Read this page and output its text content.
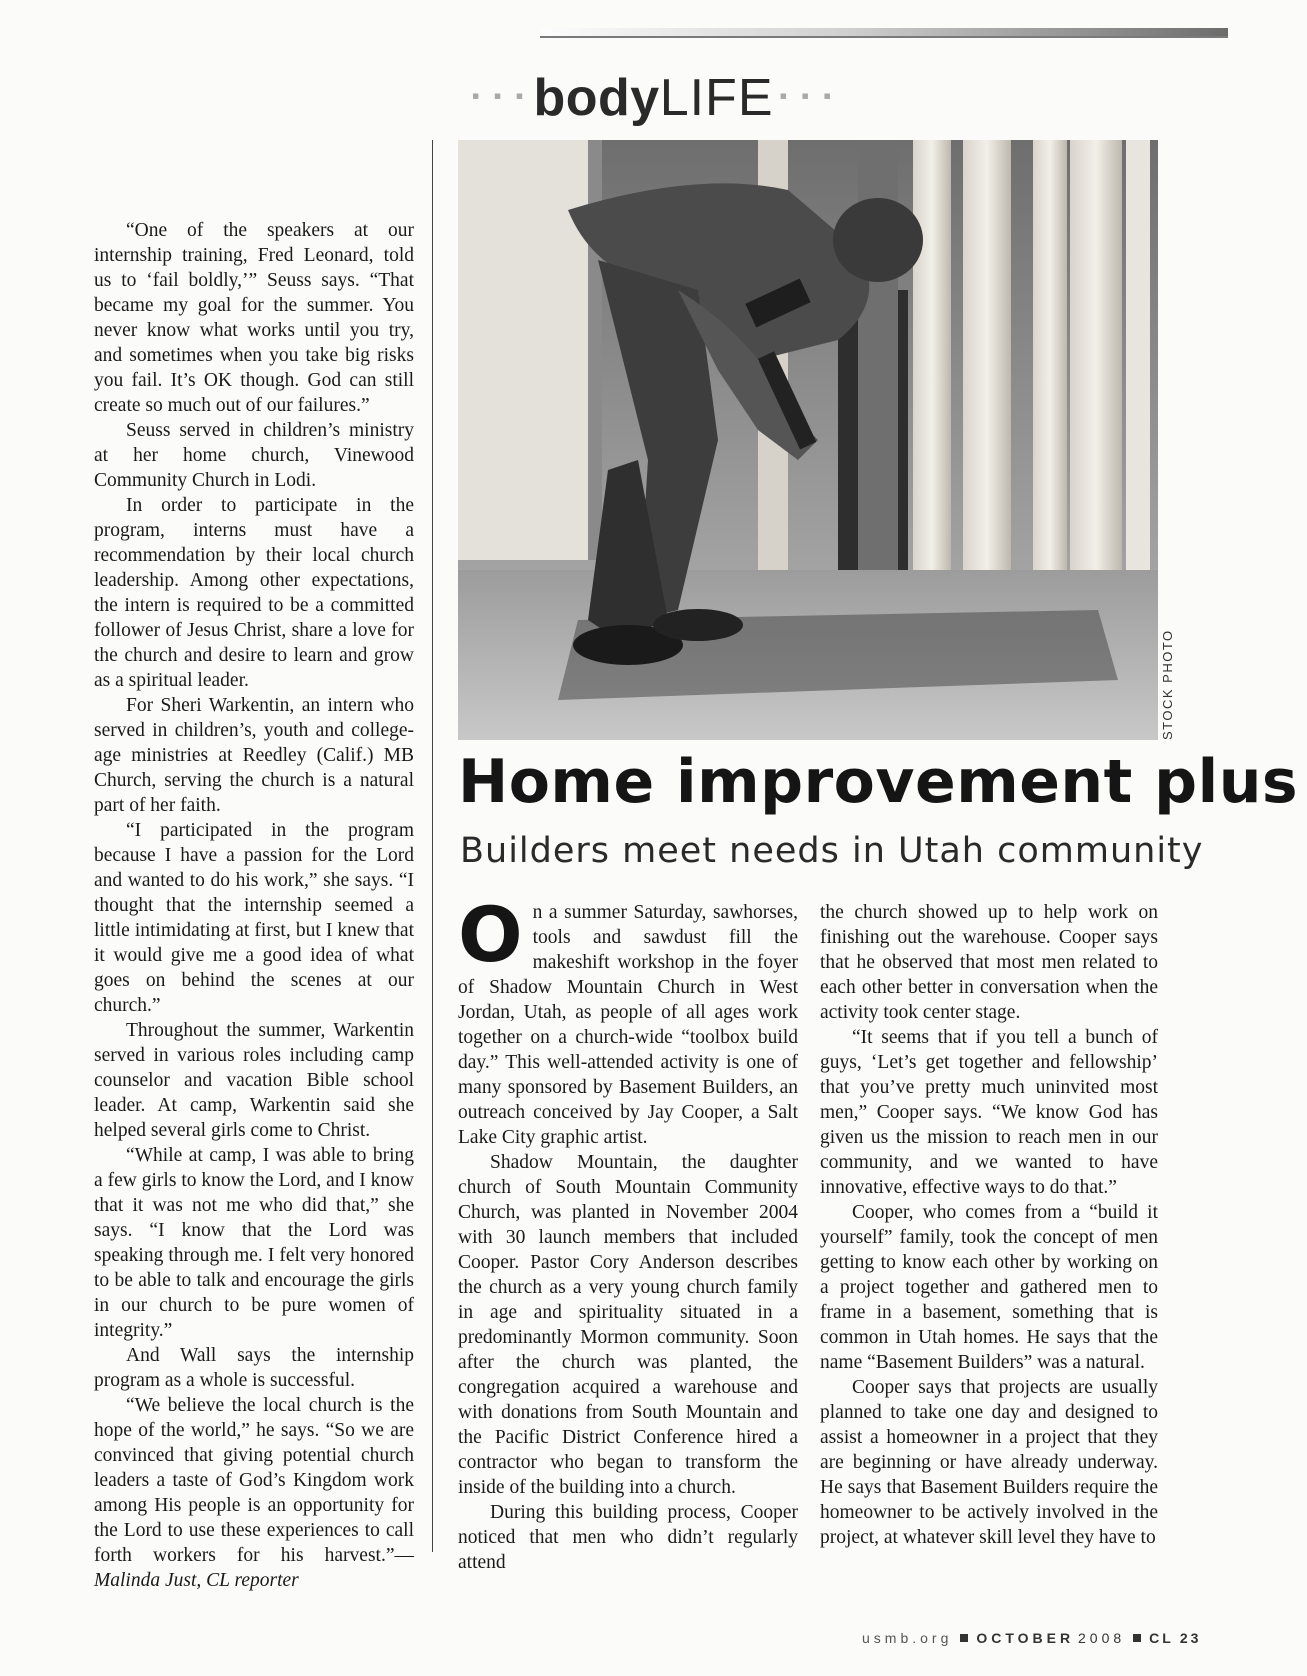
▪ ▪ ▪ bodyLIFE ▪ ▪ ▪

“One of the speakers at our internship training, Fred Leonard, told us to ‘fail boldly,’” Seuss says. “That became my goal for the summer. You never know what works until you try, and sometimes when you take big risks you fail. It’s OK though. God can still create so much out of our failures.”

Seuss served in children’s ministry at her home church, Vinewood Community Church in Lodi.

In order to participate in the program, interns must have a recommendation by their local church leadership. Among other expectations, the intern is required to be a committed follower of Jesus Christ, share a love for the church and desire to learn and grow as a spiritual leader.

For Sheri Warkentin, an intern who served in children’s, youth and college-age ministries at Reedley (Calif.) MB Church, serving the church is a natural part of her faith.

“I participated in the program because I have a passion for the Lord and wanted to do his work,” she says. “I thought that the internship seemed a little intimidating at first, but I knew that it would give me a good idea of what goes on behind the scenes at our church.”

Throughout the summer, Warkentin served in various roles including camp counselor and vacation Bible school leader. At camp, Warkentin said she helped several girls come to Christ.

“While at camp, I was able to bring a few girls to know the Lord, and I know that it was not me who did that,” she says. “I know that the Lord was speaking through me. I felt very honored to be able to talk and encourage the girls in our church to be pure women of integrity.”

And Wall says the internship program as a whole is successful.

“We believe the local church is the hope of the world,” he says. “So we are convinced that giving potential church leaders a taste of God’s Kingdom work among His people is an opportunity for the Lord to use these experiences to call forth workers for his harvest.”—Malinda Just, CL reporter

STOCK PHOTO
Home improvement plus
Builders meet needs in Utah community

On a summer Saturday, sawhorses, tools and sawdust fill the makeshift workshop in the foyer of Shadow Mountain Church in West Jordan, Utah, as people of all ages work together on a church-wide “toolbox build day.” This well-attended activity is one of many sponsored by Basement Builders, an outreach conceived by Jay Cooper, a Salt Lake City graphic artist.

Shadow Mountain, the daughter church of South Mountain Community Church, was planted in November 2004 with 30 launch members that included Cooper. Pastor Cory Anderson describes the church as a very young church family in age and spirituality situated in a predominantly Mormon community. Soon after the church was planted, the congregation acquired a warehouse and with donations from South Mountain and the Pacific District Conference hired a contractor who began to transform the inside of the building into a church.

During this building process, Cooper noticed that men who didn’t regularly attend

the church showed up to help work on finishing out the warehouse. Cooper says that he observed that most men related to each other better in conversation when the activity took center stage.

“It seems that if you tell a bunch of guys, ‘Let’s get together and fellowship’ that you’ve pretty much uninvited most men,” Cooper says. “We know God has given us the mission to reach men in our community, and we wanted to have innovative, effective ways to do that.”

Cooper, who comes from a “build it yourself” family, took the concept of men getting to know each other by working on a project together and gathered men to frame in a basement, something that is common in Utah homes. He says that the name “Basement Builders” was a natural.

Cooper says that projects are usually planned to take one day and designed to assist a homeowner in a project that they are beginning or have already underway. He says that Basement Builders require the homeowner to be actively involved in the project, at whatever skill level they have to

usmb.org OCTOBER 2008 CL 23
